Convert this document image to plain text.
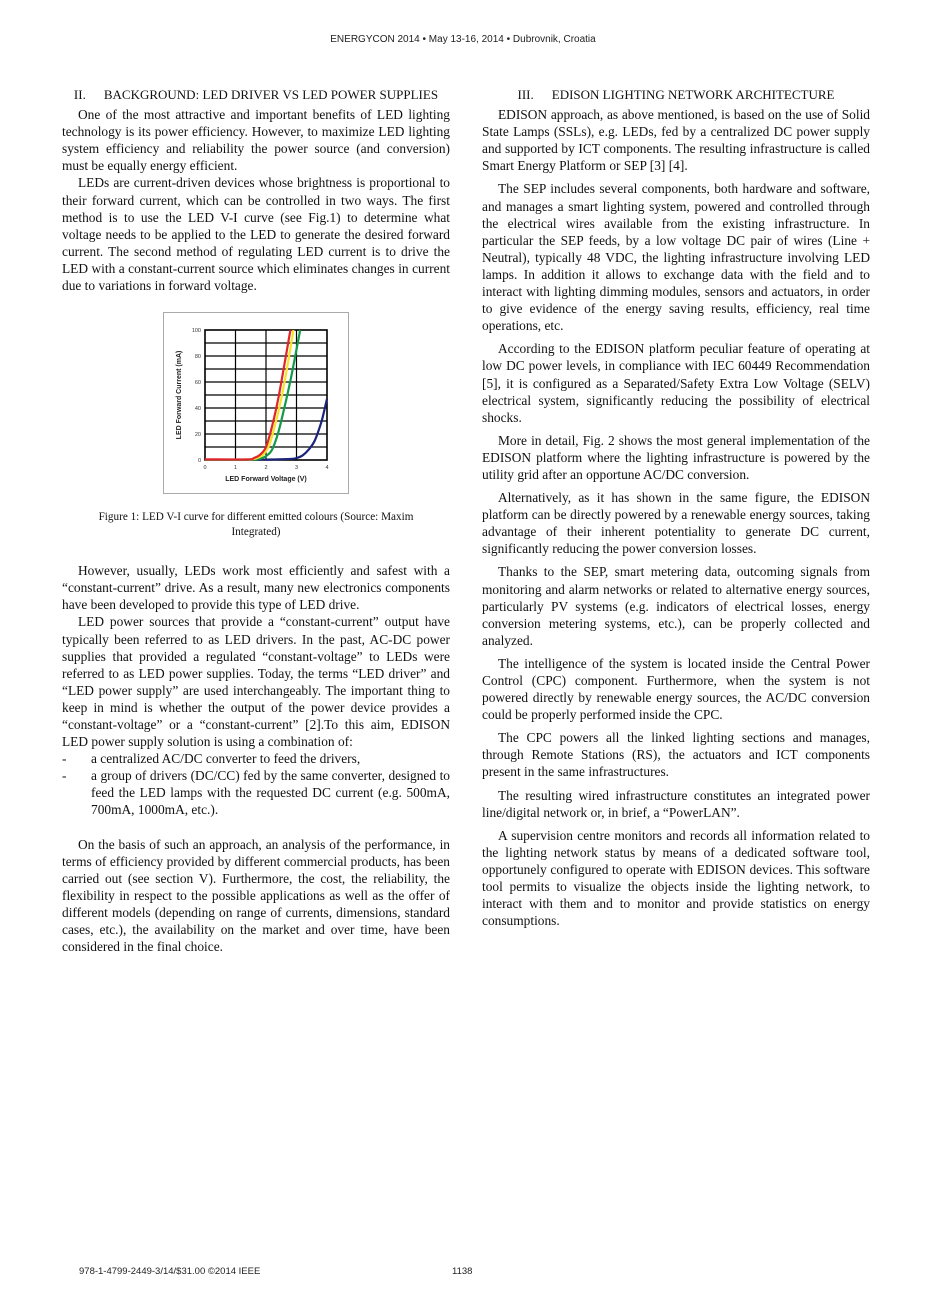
ENERGYCON 2014 • May 13-16, 2014 • Dubrovnik, Croatia
II. BACKGROUND: LED DRIVER VS LED POWER SUPPLIES

One of the most attractive and important benefits of LED lighting technology is its power efficiency. However, to maximize LED lighting system efficiency and reliability the power source (and conversion) must be equally energy efficient.

LEDs are current-driven devices whose brightness is proportional to their forward current, which can be controlled in two ways. The first method is to use the LED V-I curve (see Fig.1) to determine what voltage needs to be applied to the LED to generate the desired forward current. The second method of regulating LED current is to drive the LED with a constant-current source which eliminates changes in current due to variations in forward voltage.

0
20
40
60
80
100
0	1	2	3	4
LED Forward Voltage (V)
LED Forward Current (mA)
Figure 1: LED V-I curve for different emitted colours (Source: Maxim Integrated)

However, usually, LEDs work most efficiently and safest with a “constant-current” drive. As a result, many new electronics components have been developed to provide this type of LED drive.

LED power sources that provide a “constant-current” output have typically been referred to as LED drivers. In the past, AC-DC power supplies that provided a regulated “constant-voltage” to LEDs were referred to as LED power supplies. Today, the terms “LED driver” and “LED power supply” are used interchangeably. The important thing to keep in mind is whether the output of the power device provides a “constant-voltage” or a “constant-current” [2].To this aim, EDISON LED power supply solution is using a combination of:

-	a centralized AC/DC converter to feed the drivers,
-	a group of drivers (DC/CC) fed by the same converter, designed to feed the LED lamps with the requested DC current (e.g. 500mA, 700mA, 1000mA, etc.).

On the basis of such an approach, an analysis of the performance, in terms of efficiency provided by different commercial products, has been carried out (see section V). Furthermore, the cost, the reliability, the flexibility in respect to the possible applications as well as the offer of different models (depending on range of currents, dimensions, standard cases, etc.), the availability on the market and over time, have been considered in the final choice.

III. EDISON LIGHTING NETWORK ARCHITECTURE

EDISON approach, as above mentioned, is based on the use of Solid State Lamps (SSLs), e.g. LEDs, fed by a centralized DC power supply and supported by ICT components. The resulting infrastructure is called Smart Energy Platform or SEP [3] [4].

The SEP includes several components, both hardware and software, and manages a smart lighting system, powered and controlled through the electrical wires available from the existing infrastructure. In particular the SEP feeds, by a low voltage DC pair of wires (Line + Neutral), typically 48 VDC, the lighting infrastructure involving LED lamps. In addition it allows to exchange data with the field and to interact with lighting dimming modules, sensors and actuators, in order to give evidence of the energy saving results, efficiency, real time operations, etc.

According to the EDISON platform peculiar feature of operating at low DC power levels, in compliance with IEC 60449 Recommendation [5], it is configured as a Separated/Safety Extra Low Voltage (SELV) electrical system, significantly reducing the possibility of electrical shocks.

More in detail, Fig. 2 shows the most general implementation of the EDISON platform where the lighting infrastructure is powered by the utility grid after an opportune AC/DC conversion.

Alternatively, as it has shown in the same figure, the EDISON platform can be directly powered by a renewable energy sources, taking advantage of their inherent potentiality to generate DC current, significantly reducing the power conversion losses.

Thanks to the SEP, smart metering data, outcoming signals from monitoring and alarm networks or related to alternative energy sources, particularly PV systems (e.g. indicators of electrical losses, energy conversion metering systems, etc.), can be properly collected and analyzed.

The intelligence of the system is located inside the Central Power Control (CPC) component. Furthermore, when the system is not powered directly by renewable energy sources, the AC/DC conversion could be properly performed inside the CPC.

The CPC powers all the linked lighting sections and manages, through Remote Stations (RS), the actuators and ICT components present in the same infrastructures.

The resulting wired infrastructure constitutes an integrated power line/digital network or, in brief, a “PowerLAN”.

A supervision centre monitors and records all information related to the lighting network status by means of a dedicated software tool, opportunely configured to operate with EDISON devices. This software tool permits to visualize the objects inside the lighting network, to interact with them and to monitor and provide statistics on energy consumptions.

978-1-4799-2449-3/14/$31.00 ©2014 IEEE	1138
